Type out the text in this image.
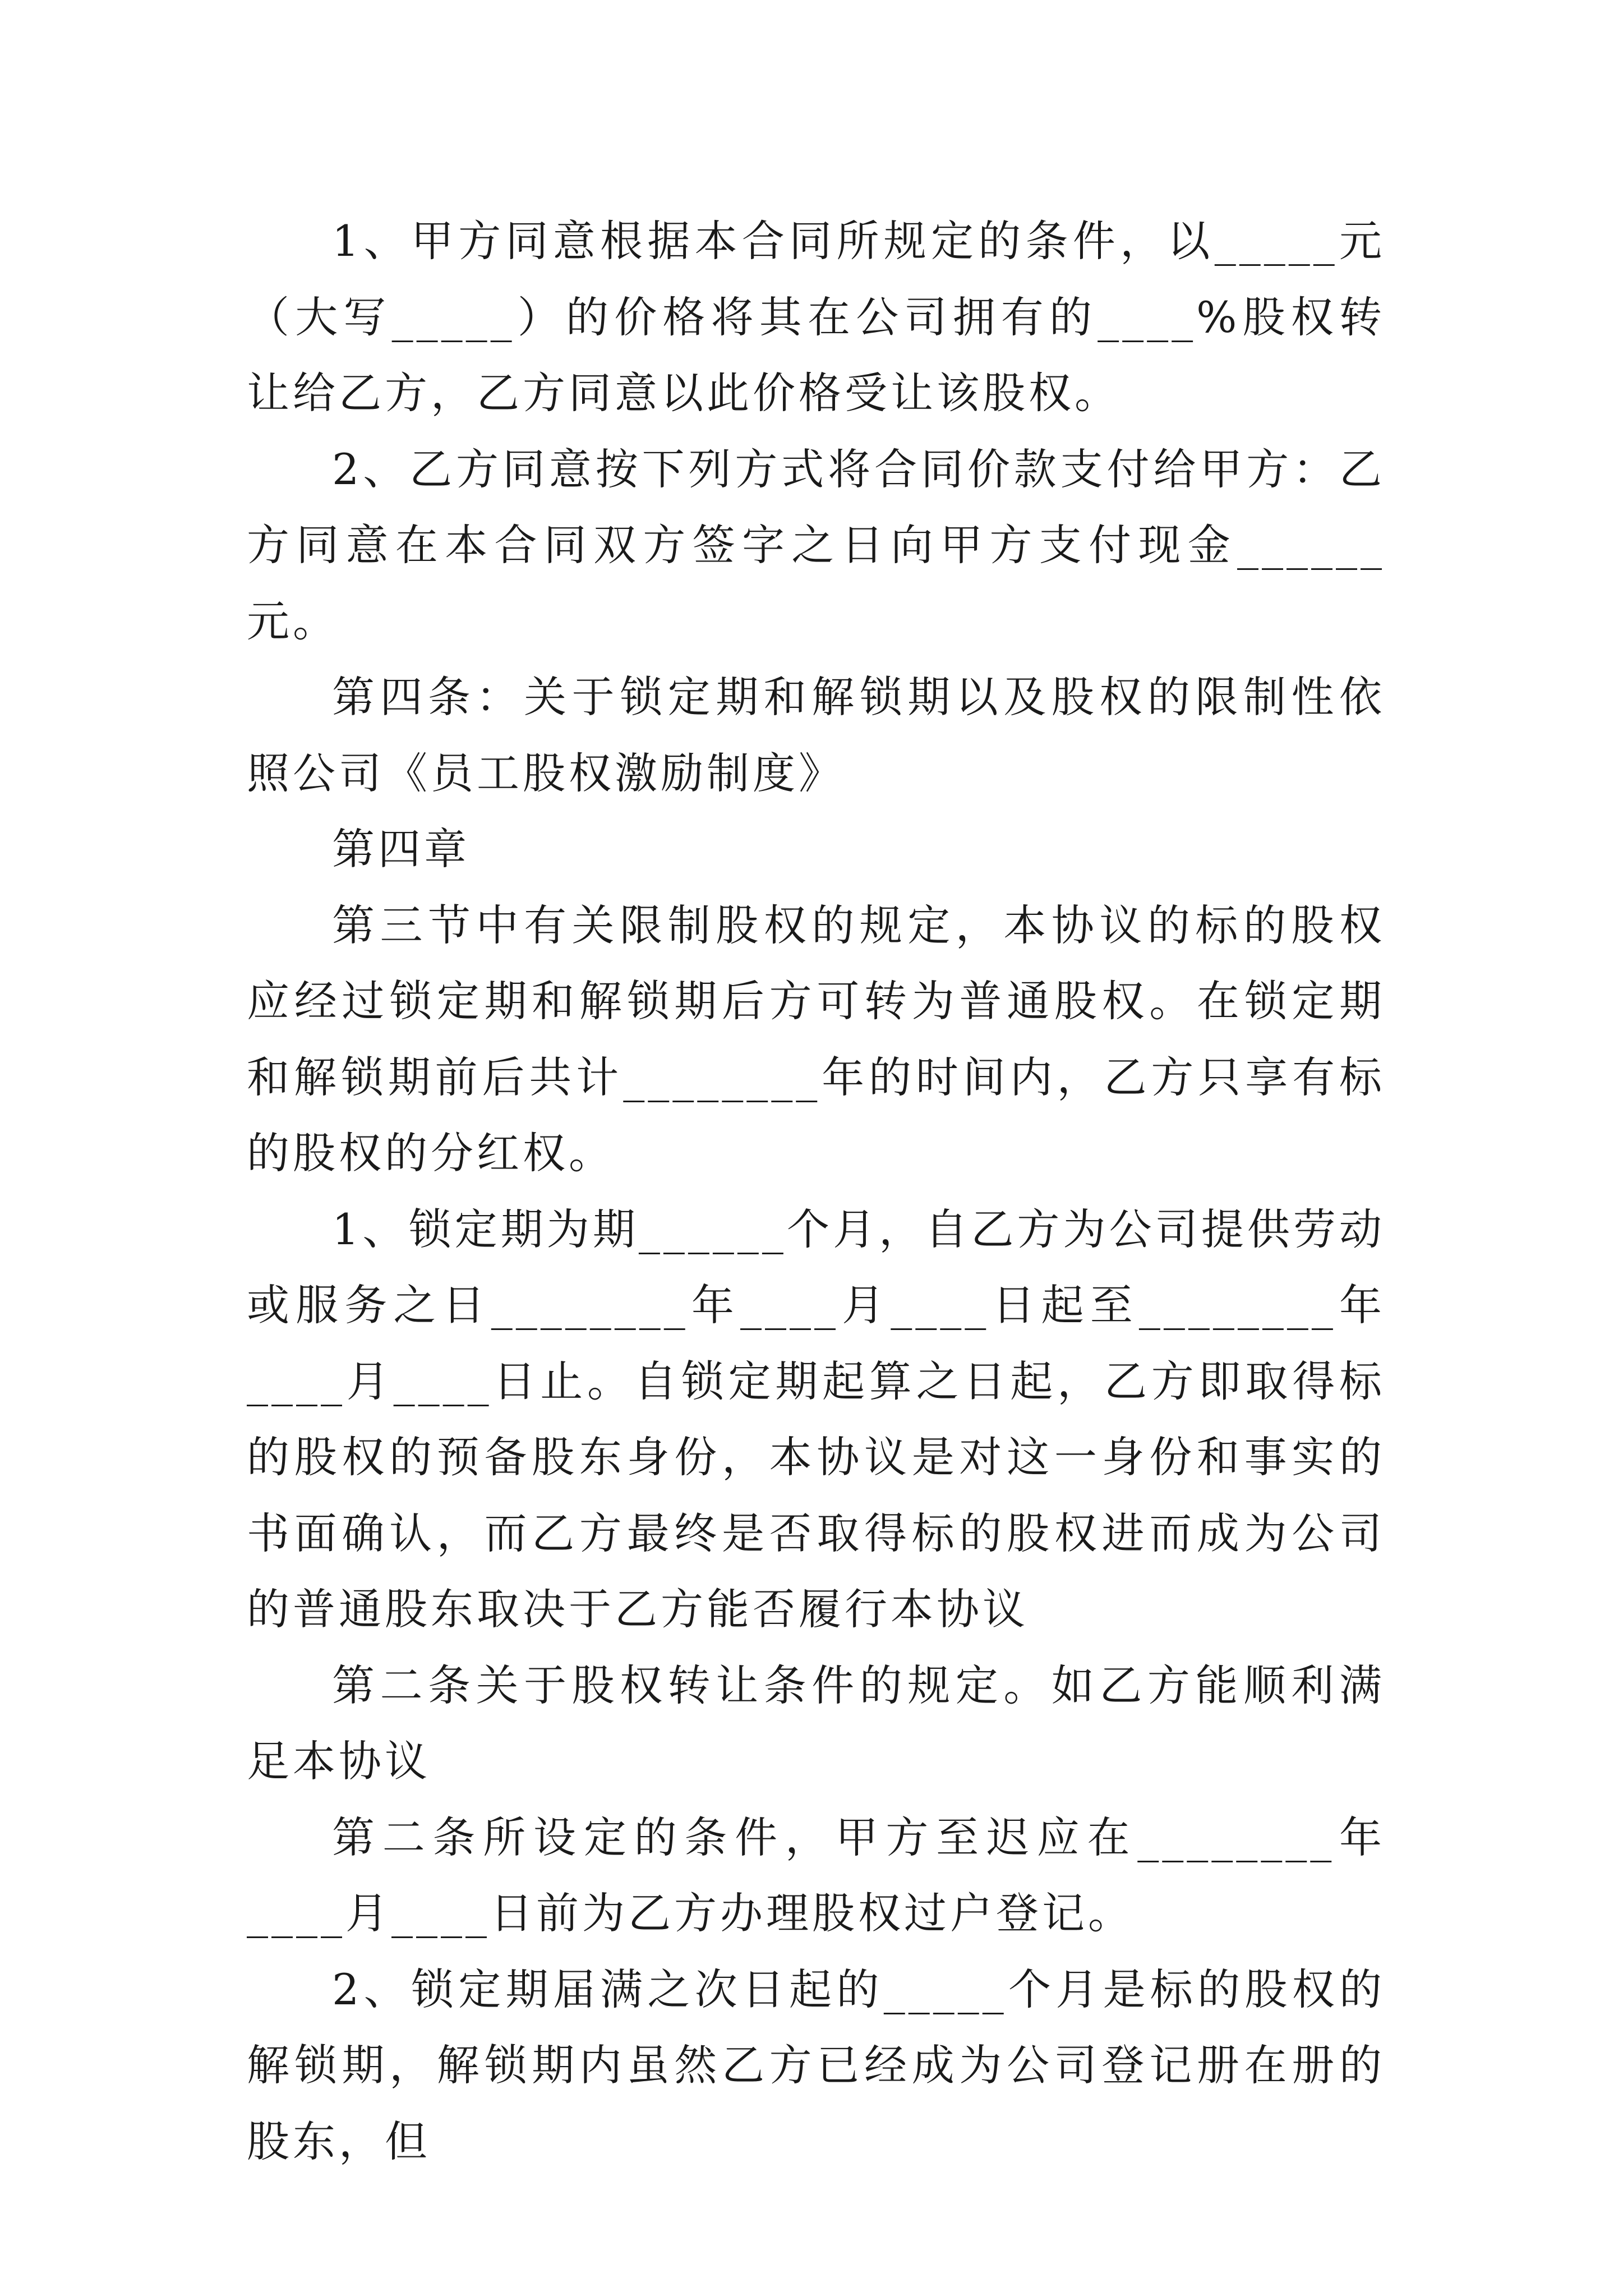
1、甲方同意根据本合同所规定的条件，以_____元（大写_____）的价格将其在公司拥有的____%股权转让给乙方，乙方同意以此价格受让该股权。

2、乙方同意按下列方式将合同价款支付给甲方：乙方同意在本合同双方签字之日向甲方支付现金______元。

第四条：关于锁定期和解锁期以及股权的限制性依照公司《员工股权激励制度》

第四章

第三节中有关限制股权的规定，本协议的标的股权应经过锁定期和解锁期后方可转为普通股权。在锁定期和解锁期前后共计________年的时间内，乙方只享有标的股权的分红权。

1、锁定期为期______个月，自乙方为公司提供劳动或服务之日________年____月____日起至________年____月____日止。自锁定期起算之日起，乙方即取得标的股权的预备股东身份，本协议是对这一身份和事实的书面确认，而乙方最终是否取得标的股权进而成为公司的普通股东取决于乙方能否履行本协议

第二条关于股权转让条件的规定。如乙方能顺利满足本协议

第二条所设定的条件，甲方至迟应在________年____月____日前为乙方办理股权过户登记。

2、锁定期届满之次日起的_____个月是标的股权的解锁期，解锁期内虽然乙方已经成为公司登记册在册的股东，但
